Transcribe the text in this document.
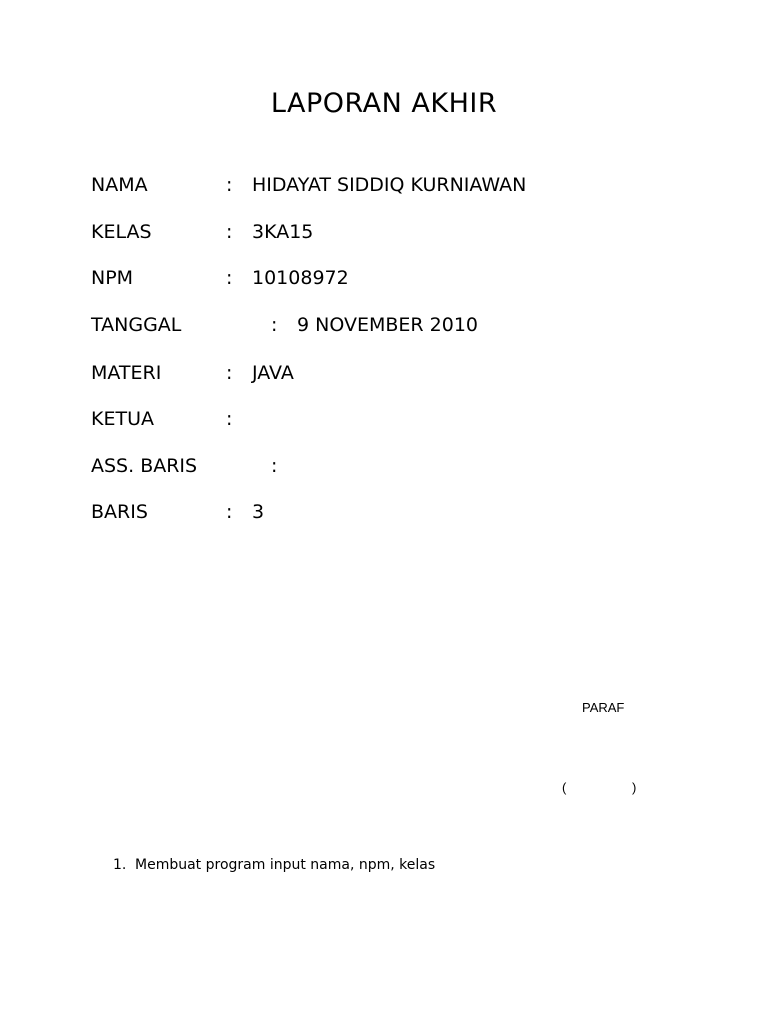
LAPORAN AKHIR
NAMA	: HIDAYAT SIDDIQ KURNIAWAN
KELAS	: 3KA15
NPM	: 10108972
TANGGAL	: 9 NOVEMBER 2010
MATERI	: JAVA
KETUA	:
ASS. BARIS	:
BARIS	: 3
PARAF
(	)
1. Membuat program input nama, npm, kelas
